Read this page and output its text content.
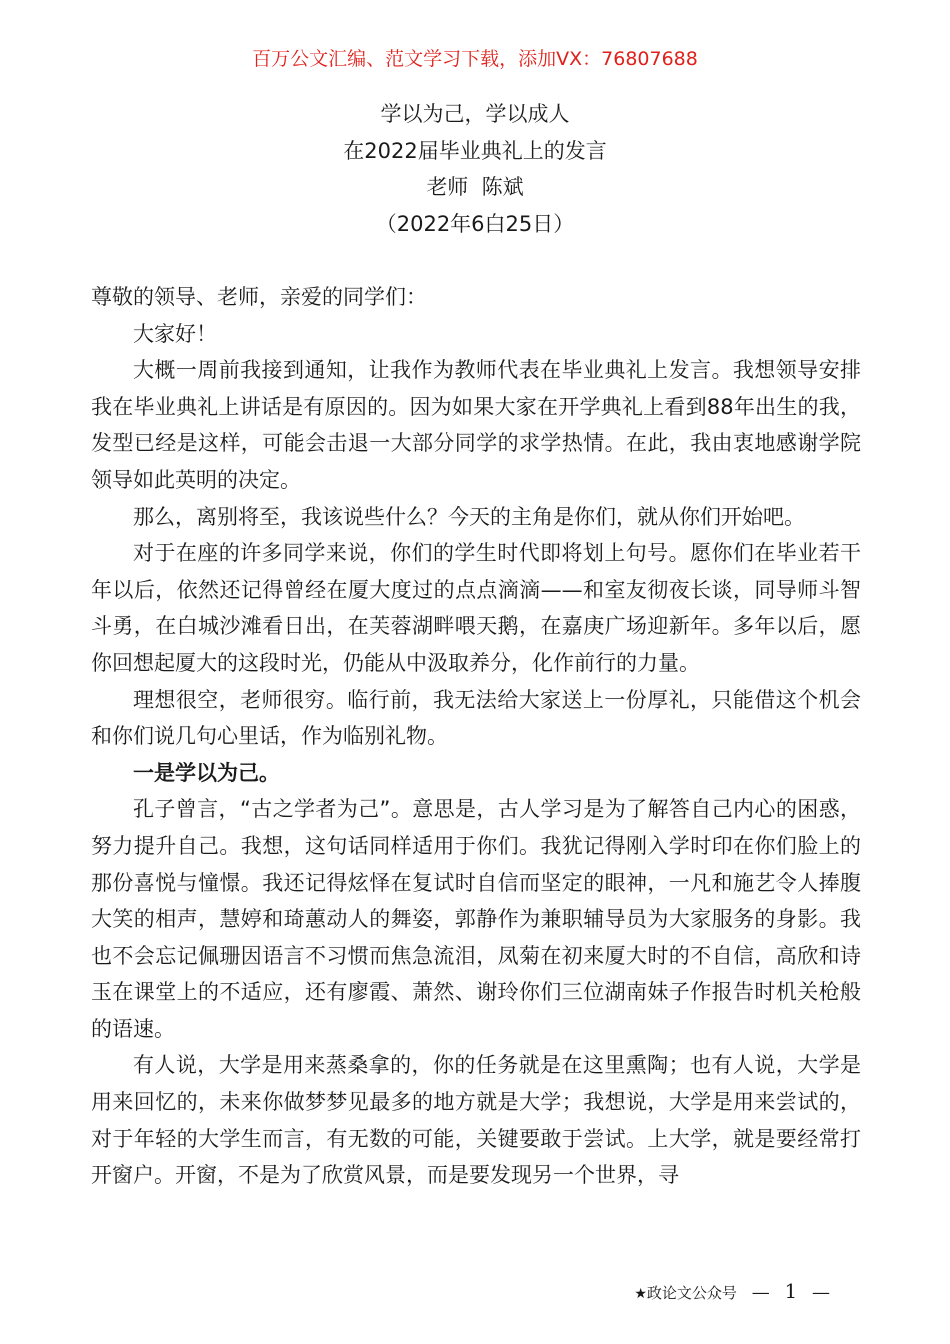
百万公文汇编、范文学习下载，添加VX：76807688
学以为己，学以成人
在2022届毕业典礼上的发言
老师  陈斌
（2022年6白25日）

尊敬的领导、老师，亲爱的同学们：

大家好！

大概一周前我接到通知，让我作为教师代表在毕业典礼上发言。我想领导安排我在毕业典礼上讲话是有原因的。因为如果大家在开学典礼上看到88年出生的我，发型已经是这样，可能会击退一大部分同学的求学热情。在此，我由衷地感谢学院领导如此英明的决定。

那么，离别将至，我该说些什么？今天的主角是你们，就从你们开始吧。

对于在座的许多同学来说，你们的学生时代即将划上句号。愿你们在毕业若干年以后，依然还记得曾经在厦大度过的点点滴滴——和室友彻夜长谈，同导师斗智斗勇，在白城沙滩看日出，在芙蓉湖畔喂天鹅，在嘉庚广场迎新年。多年以后，愿你回想起厦大的这段时光，仍能从中汲取养分，化作前行的力量。

理想很空，老师很穷。临行前，我无法给大家送上一份厚礼，只能借这个机会和你们说几句心里话，作为临别礼物。

一是学以为己。

孔子曾言，“古之学者为己”。意思是，古人学习是为了解答自己内心的困惑，努力提升自己。我想，这句话同样适用于你们。我犹记得刚入学时印在你们脸上的那份喜悦与憧憬。我还记得炫怿在复试时自信而坚定的眼神，一凡和施艺令人捧腹大笑的相声，慧婷和琦蕙动人的舞姿，郭静作为兼职辅导员为大家服务的身影。我也不会忘记佩珊因语言不习惯而焦急流泪，凤菊在初来厦大时的不自信，高欣和诗玉在课堂上的不适应，还有廖霞、萧然、谢玲你们三位湖南妹子作报告时机关枪般的语速。

有人说，大学是用来蒸桑拿的，你的任务就是在这里熏陶；也有人说，大学是用来回忆的，未来你做梦梦见最多的地方就是大学；我想说，大学是用来尝试的，对于年轻的大学生而言，有无数的可能，关键要敢于尝试。上大学，就是要经常打开窗户。开窗，不是为了欣赏风景，而是要发现另一个世界，寻

★政论文公众号 — 1 —
